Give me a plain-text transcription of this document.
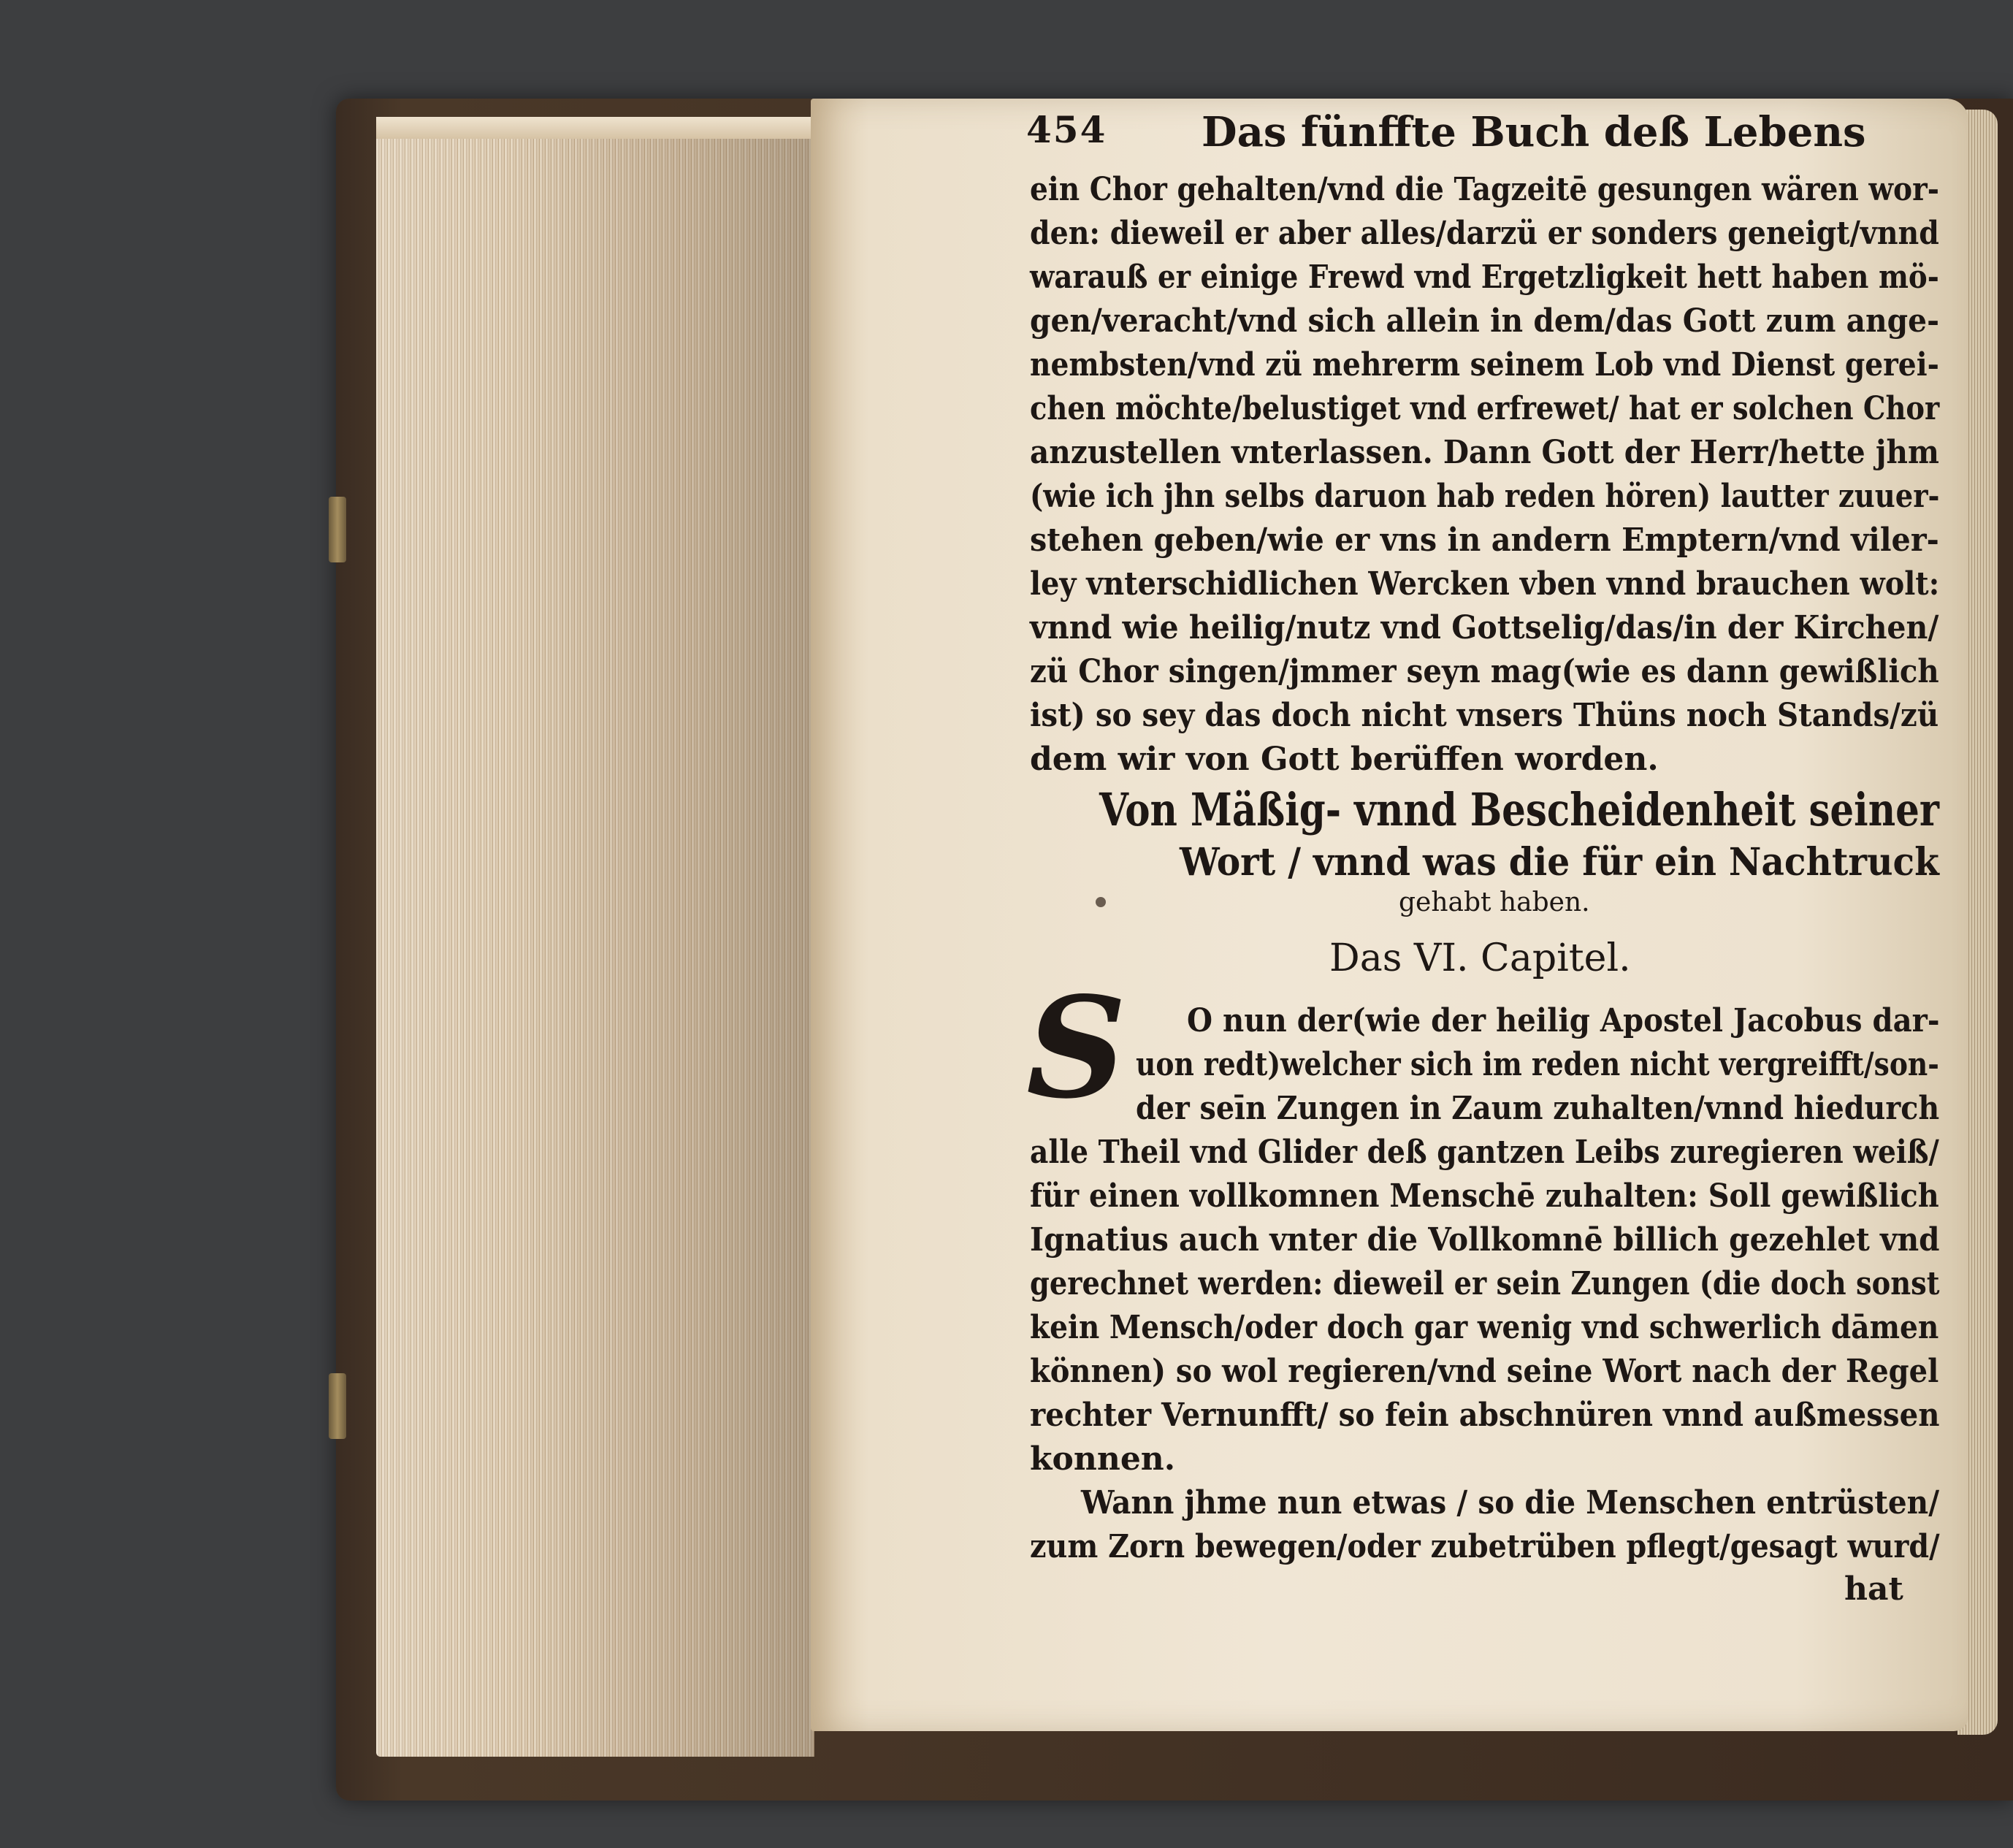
454 Das fünffte Buch deß Lebens
ein Chor gehalten/vnd die Tagzeitē gesungen wären wor-
den: dieweil er aber alles/darzü er sonders geneigt/vnnd
warauß er einige Frewd vnd Ergetzligkeit hett haben mö-
gen/veracht/vnd sich allein in dem/das Gott zum ange-
nembsten/vnd zü mehrerm seinem Lob vnd Dienst gerei-
chen möchte/belustiget vnd erfrewet/ hat er solchen Chor
anzustellen vnterlassen. Dann Gott der Herr/hette jhm
(wie ich jhn selbs daruon hab reden hören) lautter zuuer-
stehen geben/wie er vns in andern Emptern/vnd viler-
ley vnterschidlichen Wercken vben vnnd brauchen wolt:
vnnd wie heilig/nutz vnd Gottselig/das/in der Kirchen/
zü Chor singen/jmmer seyn mag(wie es dann gewißlich
ist) so sey das doch nicht vnsers Thüns noch Stands/zü
dem wir von Gott berüffen worden.
Von Mäßig- vnnd Bescheidenheit seiner
Wort / vnnd was die für ein Nachtruck
gehabt haben.
Das VI. Capitel.
S O nun der(wie der heilig Apostel Jacobus dar-
uon redt)welcher sich im reden nicht vergreifft/son-
der seīn Zungen in Zaum zuhalten/vnnd hiedurch
alle Theil vnd Glider deß gantzen Leibs zuregieren weiß/
für einen vollkomnen Menschē zuhalten: Soll gewißlich
Ignatius auch vnter die Vollkomnē billich gezehlet vnd
gerechnet werden: dieweil er sein Zungen (die doch sonst
kein Mensch/oder doch gar wenig vnd schwerlich dāmen
können) so wol regieren/vnd seine Wort nach der Regel
rechter Vernunfft/ so fein abschnüren vnnd außmessen
konnen.
Wann jhme nun etwas / so die Menschen entrüsten/
zum Zorn bewegen/oder zubetrüben pflegt/gesagt wurd/
hat
